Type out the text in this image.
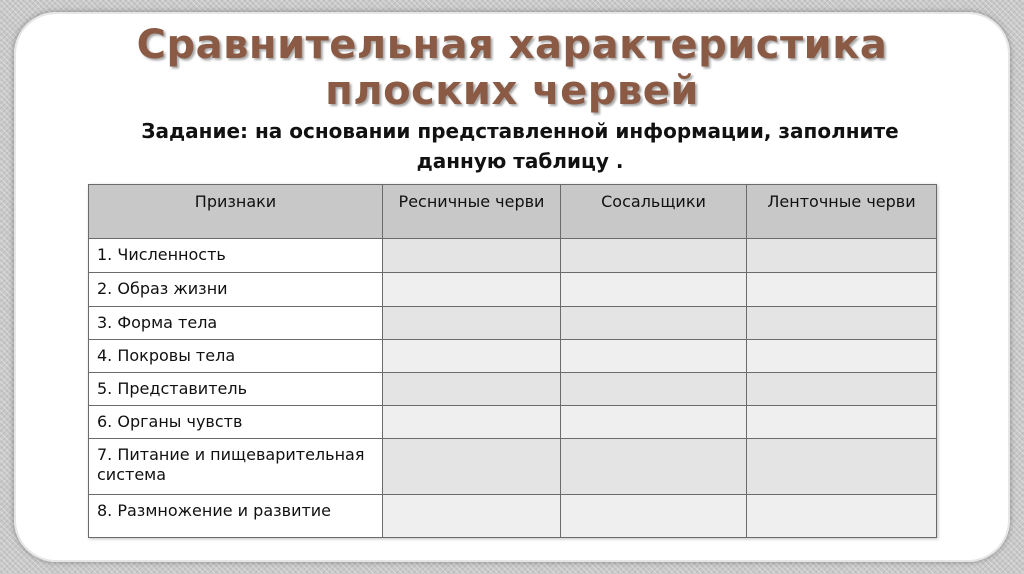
Сравнительная характеристика
плоских червей
Задание: на основании представленной информации, заполните
данную таблицу .
Признаки	Ресничные черви	Сосальщики	Ленточные черви
1. Численность			
2. Образ жизни			
3. Форма тела			
4. Покровы тела			
5. Представитель			
6. Органы чувств			
7. Питание и пищеварительная система			
8. Размножение и развитие			
